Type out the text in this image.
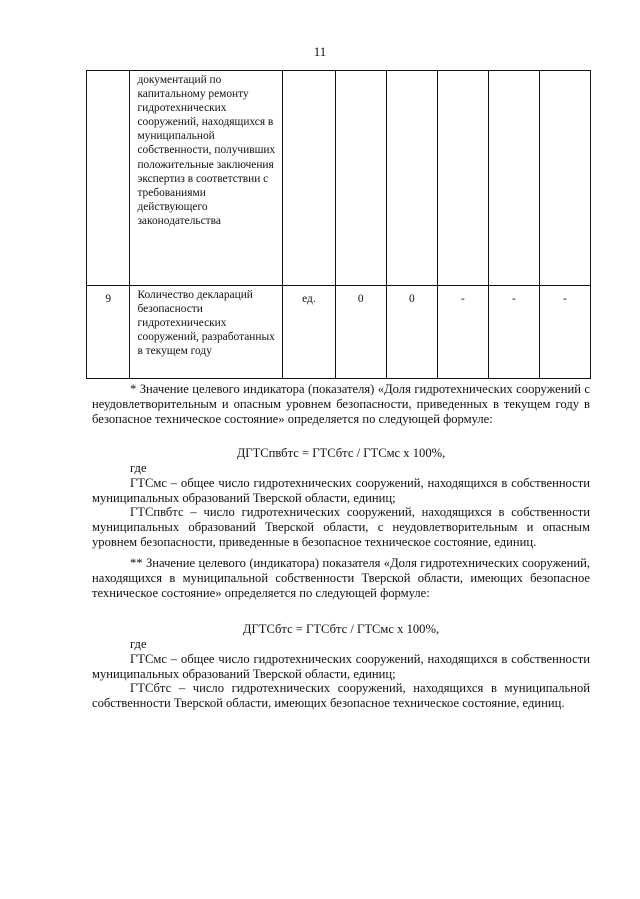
11
	документаций по капитальному ремонту гидротехнических сооружений, находящихся в муниципальной собственности, получивших положительные заключения экспертиз в соответствии с требованиями действующего законодательства						
9	Количество деклараций безопасности гидротехнических сооружений, разработанных в текущем году	ед.	0	0	-	-	-

* Значение целевого индикатора (показателя) «Доля гидротехнических сооружений с неудовлетворительным и опасным уровнем безопасности, приведенных в текущем году в безопасное техническое состояние» определяется по следующей формуле:

ДГТСпвбтс = ГТСбтс / ГТСмс х 100%,

где

ГТСмс – общее число гидротехнических сооружений, находящихся в собственности муниципальных образований Тверской области, единиц;

ГТСпвбтс – число гидротехнических сооружений, находящихся в собственности муниципальных образований Тверской области, с неудовлетворительным и опасным уровнем безопасности, приведенные в безопасное техническое состояние, единиц.

** Значение целевого (индикатора) показателя «Доля гидротехнических сооружений, находящихся в муниципальной собственности Тверской области, имеющих безопасное техническое состояние» определяется по следующей формуле:

ДГТСбтс = ГТСбтс / ГТСмс х 100%,

где

ГТСмс – общее число гидротехнических сооружений, находящихся в собственности муниципальных образований Тверской области, единиц;

ГТСбтс – число гидротехнических сооружений, находящихся в муниципальной собственности Тверской области, имеющих безопасное техническое состояние, единиц.
